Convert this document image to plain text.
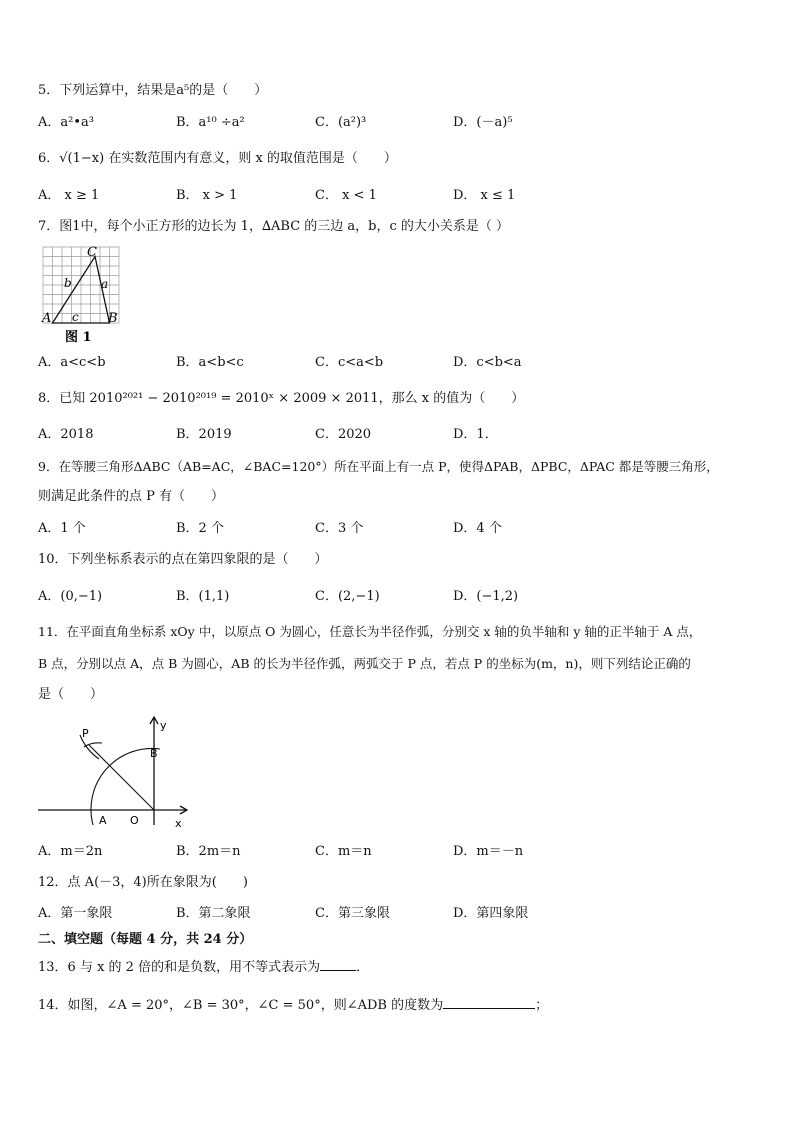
5．下列运算中，结果是a⁵的是（　　）
A．a²•a³	B．a¹⁰ ÷a²	C．(a²)³	D．(－a)⁵
6．√(1−x) 在实数范围内有意义，则 x 的取值范围是（　　）
A． x ≥ 1	B． x > 1	C． x < 1	D． x ≤ 1
7．图1中，每个小正方形的边长为 1，∆ABC 的三边 a，b，c 的大小关系是（ ）
C
a
b
A c B
图 1
A．a<c<b	B．a<b<c	C．c<a<b	D．c<b<a
8．已知 2010²⁰²¹ − 2010²⁰¹⁹ = 2010ˣ × 2009 × 2011，那么 x 的值为（　　）
A．2018	B．2019	C．2020	D．1．
9．在等腰三角形ΔABC（AB=AC，∠BAC=120°）所在平面上有一点 P，使得ΔPAB，ΔPBC，ΔPAC 都是等腰三角形，
则满足此条件的点 P 有（　　）
A．1 个	B．2 个	C．3 个	D．4 个
10．下列坐标系表示的点在第四象限的是（　　）
A．(0,−1)	B．(1,1)	C．(2,−1)	D．(−1,2)
11．在平面直角坐标系 xOy 中，以原点 O 为圆心，任意长为半径作弧，分别交 x 轴的负半轴和 y 轴的正半轴于 A 点，
B 点，分别以点 A，点 B 为圆心，AB 的长为半径作弧，两弧交于 P 点，若点 P 的坐标为(m，n)，则下列结论正确的
是（　　）
P
y
B
A O	x
A．m＝2n	B．2m＝n	C．m＝n	D．m＝－n
12．点 A(－3，4)所在象限为(　　)
A．第一象限	B．第二象限	C．第三象限	D．第四象限
二、填空题（每题 4 分，共 24 分）
13．6 与 x 的 2 倍的和是负数，用不等式表示为	．
14．如图，∠A = 20°，∠B = 30°，∠C = 50°，则∠ADB 的度数为	；
